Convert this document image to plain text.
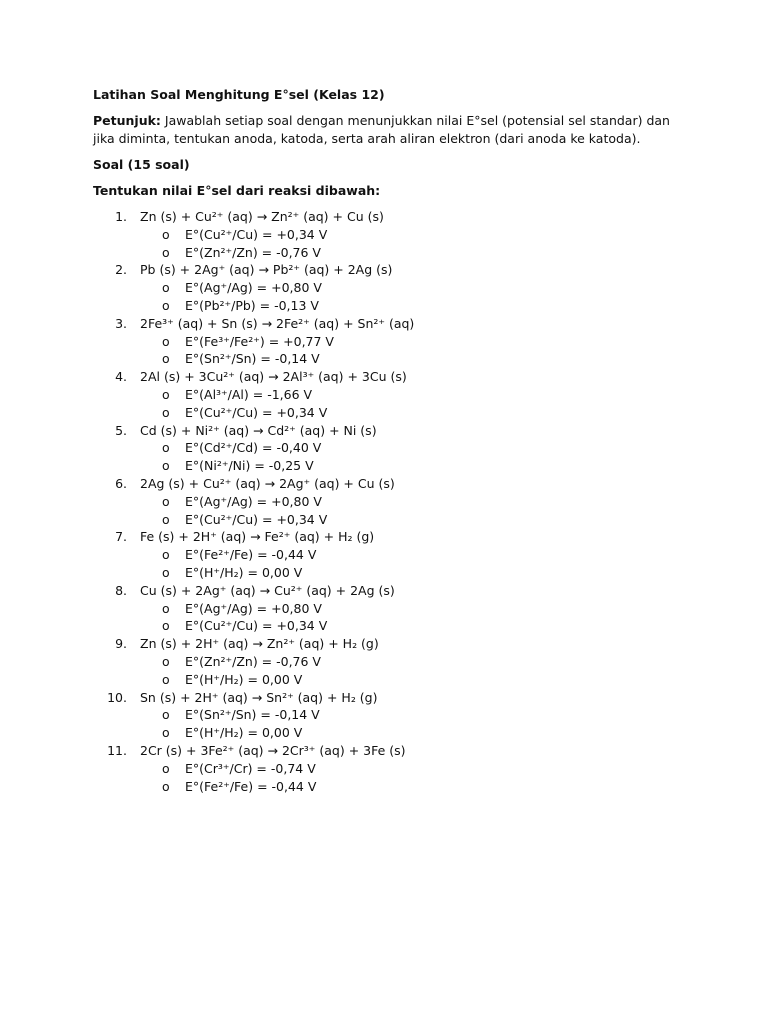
Latihan Soal Menghitung E°sel (Kelas 12)
Petunjuk: Jawablah setiap soal dengan menunjukkan nilai E°sel (potensial sel standar) dan jika diminta, tentukan anoda, katoda, serta arah aliran elektron (dari anoda ke katoda).
Soal (15 soal)
Tentukan nilai E°sel dari reaksi dibawah:
1. Zn (s) + Cu²⁺ (aq) → Zn²⁺ (aq) + Cu (s)
o E°(Cu²⁺/Cu) = +0,34 V
o E°(Zn²⁺/Zn) = -0,76 V
2. Pb (s) + 2Ag⁺ (aq) → Pb²⁺ (aq) + 2Ag (s)
o E°(Ag⁺/Ag) = +0,80 V
o E°(Pb²⁺/Pb) = -0,13 V
3. 2Fe³⁺ (aq) + Sn (s) → 2Fe²⁺ (aq) + Sn²⁺ (aq)
o E°(Fe³⁺/Fe²⁺) = +0,77 V
o E°(Sn²⁺/Sn) = -0,14 V
4. 2Al (s) + 3Cu²⁺ (aq) → 2Al³⁺ (aq) + 3Cu (s)
o E°(Al³⁺/Al) = -1,66 V
o E°(Cu²⁺/Cu) = +0,34 V
5. Cd (s) + Ni²⁺ (aq) → Cd²⁺ (aq) + Ni (s)
o E°(Cd²⁺/Cd) = -0,40 V
o E°(Ni²⁺/Ni) = -0,25 V
6. 2Ag (s) + Cu²⁺ (aq) → 2Ag⁺ (aq) + Cu (s)
o E°(Ag⁺/Ag) = +0,80 V
o E°(Cu²⁺/Cu) = +0,34 V
7. Fe (s) + 2H⁺ (aq) → Fe²⁺ (aq) + H₂ (g)
o E°(Fe²⁺/Fe) = -0,44 V
o E°(H⁺/H₂) = 0,00 V
8. Cu (s) + 2Ag⁺ (aq) → Cu²⁺ (aq) + 2Ag (s)
o E°(Ag⁺/Ag) = +0,80 V
o E°(Cu²⁺/Cu) = +0,34 V
9. Zn (s) + 2H⁺ (aq) → Zn²⁺ (aq) + H₂ (g)
o E°(Zn²⁺/Zn) = -0,76 V
o E°(H⁺/H₂) = 0,00 V
10. Sn (s) + 2H⁺ (aq) → Sn²⁺ (aq) + H₂ (g)
o E°(Sn²⁺/Sn) = -0,14 V
o E°(H⁺/H₂) = 0,00 V
11. 2Cr (s) + 3Fe²⁺ (aq) → 2Cr³⁺ (aq) + 3Fe (s)
o E°(Cr³⁺/Cr) = -0,74 V
o E°(Fe²⁺/Fe) = -0,44 V
